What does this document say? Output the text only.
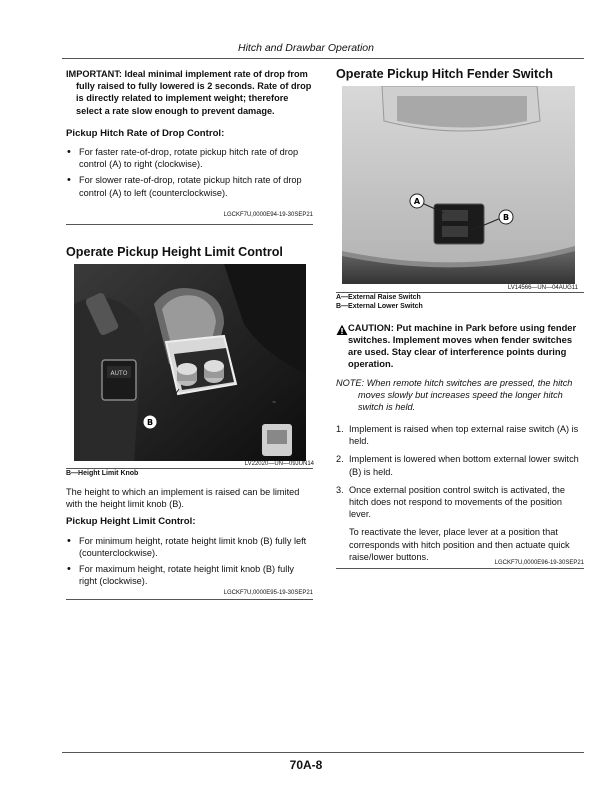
Hitch and Drawbar Operation

IMPORTANT: Ideal minimal implement rate of drop from fully raised to fully lowered is 2 seconds. Rate of drop is directly related to implement weight; therefore select a rate slow enough to prevent damage.

Pickup Hitch Rate of Drop Control:

• For faster rate-of-drop, rotate pickup hitch rate of drop control (A) to right (clockwise).
• For slower rate-of-drop, rotate pickup hitch rate of drop control (A) to left (counterclockwise).
LGCKF7U,0000E94-19-30SEP21
Operate Pickup Height Limit Control
AUTO
~
B
LV22020—UN—09JUN14
B—Height Limit Knob

The height to which an implement is raised can be limited with the height limit knob (B).

Pickup Height Limit Control:

• For minimum height, rotate height limit knob (B) fully left (counterclockwise).
• For maximum height, rotate height limit knob (B) fully right (clockwise).
LGCKF7U,0000E95-19-30SEP21
Operate Pickup Hitch Fender Switch
A
B
LV14566—UN—04AUG11
A—External Raise Switch
B—External Lower Switch

CAUTION: Put machine in Park before using fender switches. Implement moves when fender switches are used. Stay clear of interference points during operation.

NOTE: When remote hitch switches are pressed, the hitch moves slowly but increases speed the longer hitch switch is held.

1. Implement is raised when top external raise switch (A) is held.
2. Implement is lowered when bottom external lower switch (B) is held.
3. Once external position control switch is activated, the hitch does not respond to movements of the position lever.

To reactivate the lever, place lever at a position that corresponds with hitch position and then actuate quick raise/lower buttons.

LGCKF7U,0000E96-19-30SEP21
70A-8
